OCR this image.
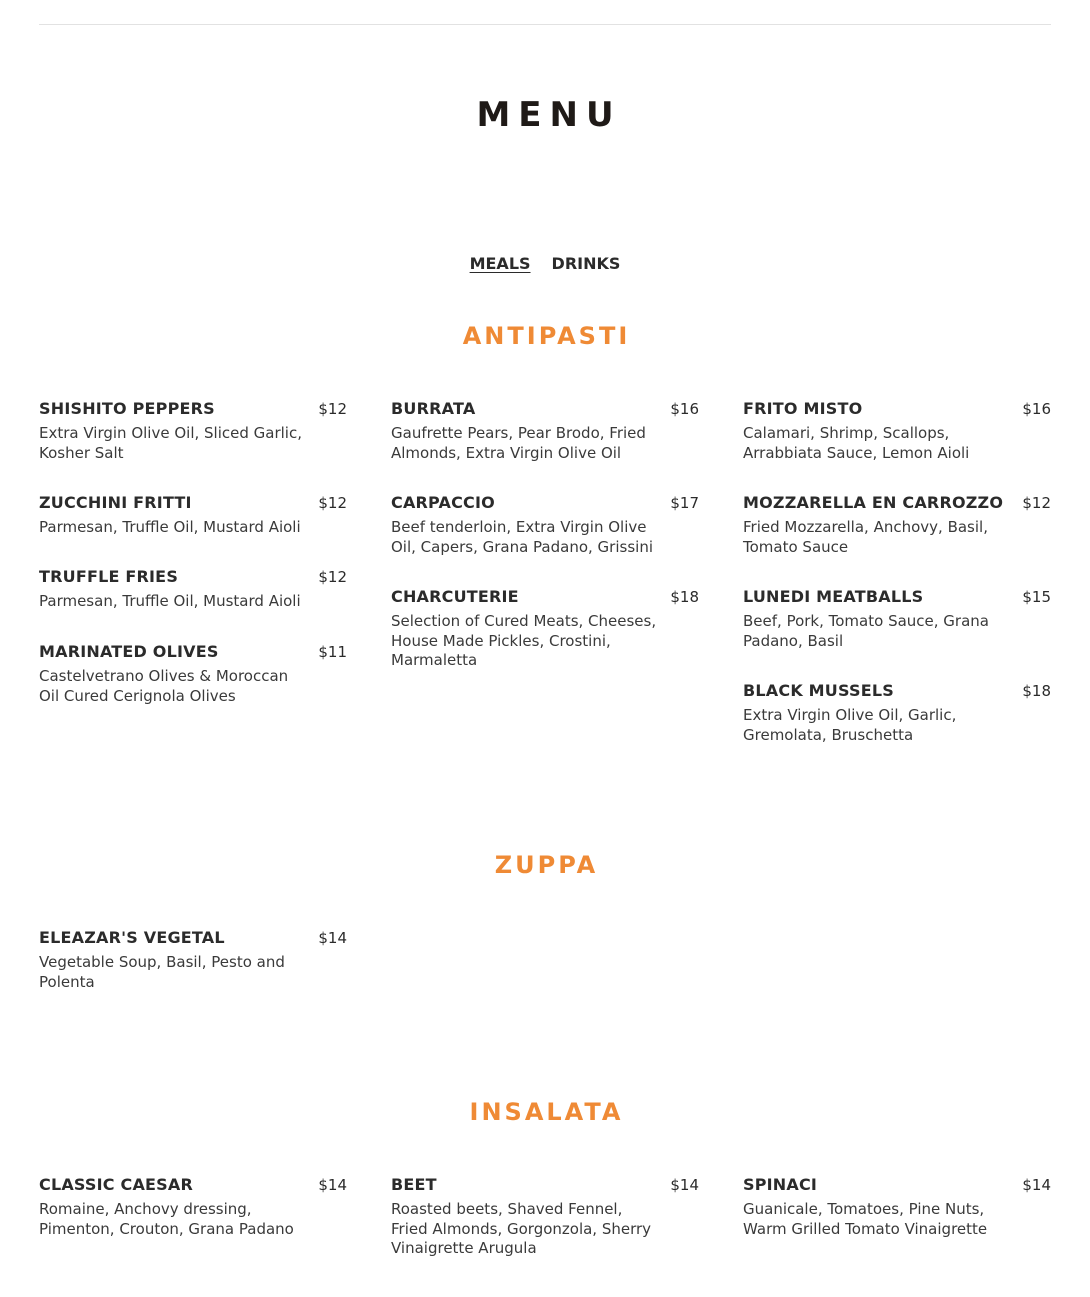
MENU
MEALS DRINKS
ANTIPASTI
SHISHITO PEPPERS	$12
Extra Virgin Olive Oil, Sliced Garlic, Kosher Salt
ZUCCHINI FRITTI	$12
Parmesan, Truffle Oil, Mustard Aioli
TRUFFLE FRIES	$12
Parmesan, Truffle Oil, Mustard Aioli
MARINATED OLIVES	$11
Castelvetrano Olives & Moroccan Oil Cured Cerignola Olives
BURRATA	$16
Gaufrette Pears, Pear Brodo, Fried Almonds, Extra Virgin Olive Oil
CARPACCIO	$17
Beef tenderloin, Extra Virgin Olive Oil, Capers, Grana Padano, Grissini
CHARCUTERIE	$18
Selection of Cured Meats, Cheeses, House Made Pickles, Crostini, Marmaletta
FRITO MISTO	$16
Calamari, Shrimp, Scallops, Arrabbiata Sauce, Lemon Aioli
MOZZARELLA EN CARROZZO $12
Fried Mozzarella, Anchovy, Basil, Tomato Sauce
LUNEDI MEATBALLS	$15
Beef, Pork, Tomato Sauce, Grana Padano, Basil
BLACK MUSSELS	$18
Extra Virgin Olive Oil, Garlic, Gremolata, Bruschetta
ZUPPA
ELEAZAR'S VEGETAL	$14
Vegetable Soup, Basil, Pesto and Polenta
INSALATA
CLASSIC CAESAR	$14
Romaine, Anchovy dressing, Pimenton, Crouton, Grana Padano
BEET	$14
Roasted beets, Shaved Fennel, Fried Almonds, Gorgonzola, Sherry Vinaigrette Arugula
SPINACI	$14
Guanicale, Tomatoes, Pine Nuts, Warm Grilled Tomato Vinaigrette
